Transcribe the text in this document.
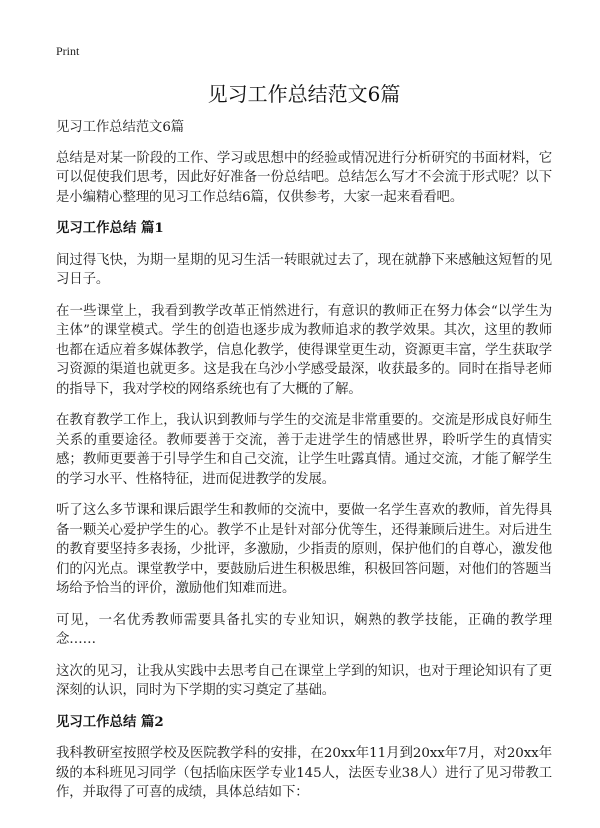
Print
见习工作总结范文6篇

见习工作总结范文6篇

总结是对某一阶段的工作、学习或思想中的经验或情况进行分析研究的书面材料，它可以促使我们思考，因此好好准备一份总结吧。总结怎么写才不会流于形式呢？以下是小编精心整理的见习工作总结6篇，仅供参考，大家一起来看看吧。

见习工作总结 篇1

间过得飞快，为期一星期的见习生活一转眼就过去了，现在就静下来感触这短暂的见习日子。

在一些课堂上，我看到教学改革正悄然进行，有意识的教师正在努力体会“以学生为主体”的课堂模式。学生的创造也逐步成为教师追求的教学效果。其次，这里的教师也都在适应着多媒体教学，信息化教学，使得课堂更生动，资源更丰富，学生获取学习资源的渠道也就更多。这是我在乌沙小学感受最深，收获最多的。同时在指导老师的指导下，我对学校的网络系统也有了大概的了解。

在教育教学工作上，我认识到教师与学生的交流是非常重要的。交流是形成良好师生关系的重要途径。教师要善于交流，善于走进学生的情感世界，聆听学生的真情实感；教师更要善于引导学生和自己交流，让学生吐露真情。通过交流，才能了解学生的学习水平、性格特征，进而促进教学的发展。

听了这么多节课和课后跟学生和教师的交流中，要做一名学生喜欢的教师，首先得具备一颗关心爱护学生的心。教学不止是针对部分优等生，还得兼顾后进生。对后进生的教育要坚持多表扬，少批评，多激励，少指责的原则，保护他们的自尊心，激发他们的闪光点。课堂教学中，要鼓励后进生积极思维，积极回答问题，对他们的答题当场给予恰当的评价，激励他们知难而进。

可见，一名优秀教师需要具备扎实的专业知识，娴熟的教学技能，正确的教学理念……

这次的见习，让我从实践中去思考自己在课堂上学到的知识，也对于理论知识有了更深刻的认识，同时为下学期的实习奠定了基础。

见习工作总结 篇2

我科教研室按照学校及医院教学科的安排，在20xx年11月到20xx年7月，对20xx年级的本科班见习同学（包括临床医学专业145人，法医专业38人）进行了见习带教工作，并取得了可喜的成绩，具体总结如下：
